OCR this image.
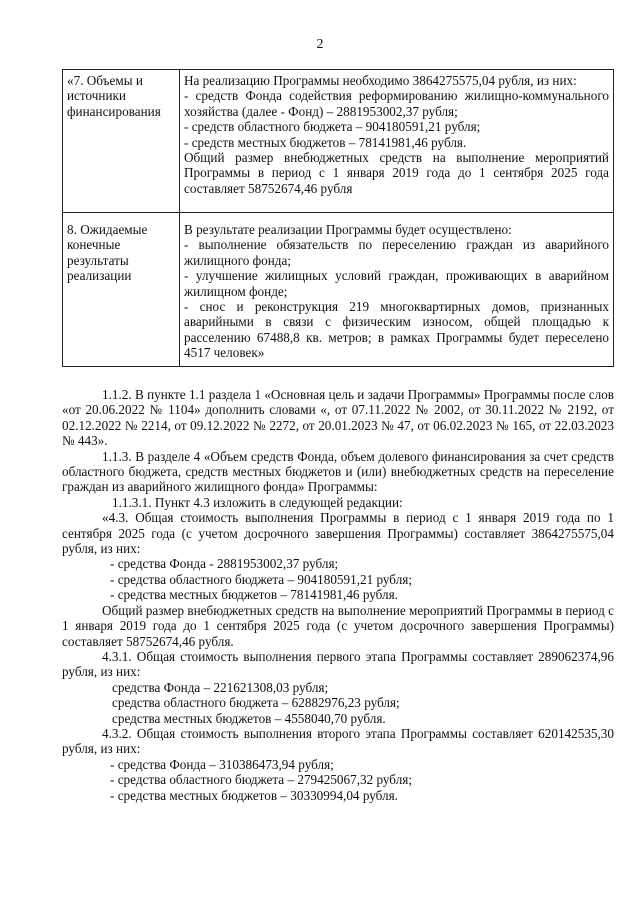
2
«7. Объемы и источники финансирования	На реализацию Программы необходимо 3864275575,04 рубля, из них:

- средств Фонда содействия реформированию жилищно-коммунального хозяйства (далее - Фонд) – 2881953002,37 рубля;

- средств областного бюджета – 904180591,21 рубля;
- средств местных бюджетов – 78141981,46 рубля.

Общий размер внебюджетных средств на выполнение мероприятий Программы в период с 1 января 2019 года до 1 сентября 2025 года составляет 58752674,46 рубля

8. Ожидаемые конечные результаты реализации	В результате реализации Программы будет осуществлено:

- выполнение обязательств по переселению граждан из аварийного жилищного фонда;

- улучшение жилищных условий граждан, проживающих в аварийном жилищном фонде;

- снос и реконструкция 219 многоквартирных домов, признанных аварийными в связи с физическим износом, общей площадью к расселению 67488,8 кв. метров; в рамках Программы будет переселено 4517 человек»

1.1.2. В пункте 1.1 раздела 1 «Основная цель и задачи Программы» Программы после слов «от 20.06.2022 № 1104» дополнить словами «, от 07.11.2022 № 2002, от 30.11.2022 № 2192, от 02.12.2022 № 2214, от 09.12.2022 № 2272, от 20.01.2023 № 47, от 06.02.2023 № 165, от 22.03.2023 № 443».

1.1.3. В разделе 4 «Объем средств Фонда, объем долевого финансирования за счет средств областного бюджета, средств местных бюджетов и (или) внебюджетных средств на переселение граждан из аварийного жилищного фонда» Программы:

1.1.3.1. Пункт 4.3 изложить в следующей редакции:

«4.3. Общая стоимость выполнения Программы в период с 1 января 2019 года по 1 сентября 2025 года (с учетом досрочного завершения Программы) составляет 3864275575,04 рубля, из них:

- средства Фонда - 2881953002,37 рубля;

- средства областного бюджета – 904180591,21 рубля;

- средства местных бюджетов – 78141981,46 рубля.

Общий размер внебюджетных средств на выполнение мероприятий Программы в период с 1 января 2019 года до 1 сентября 2025 года (с учетом досрочного завершения Программы) составляет 58752674,46 рубля.

4.3.1. Общая стоимость выполнения первого этапа Программы составляет 289062374,96 рубля, из них:

средства Фонда – 221621308,03 рубля;

средства областного бюджета – 62882976,23 рубля;

средства местных бюджетов – 4558040,70 рубля.

4.3.2. Общая стоимость выполнения второго этапа Программы составляет 620142535,30 рубля, из них:

- средства Фонда – 310386473,94 рубля;

- средства областного бюджета – 279425067,32 рубля;

- средства местных бюджетов – 30330994,04 рубля.
